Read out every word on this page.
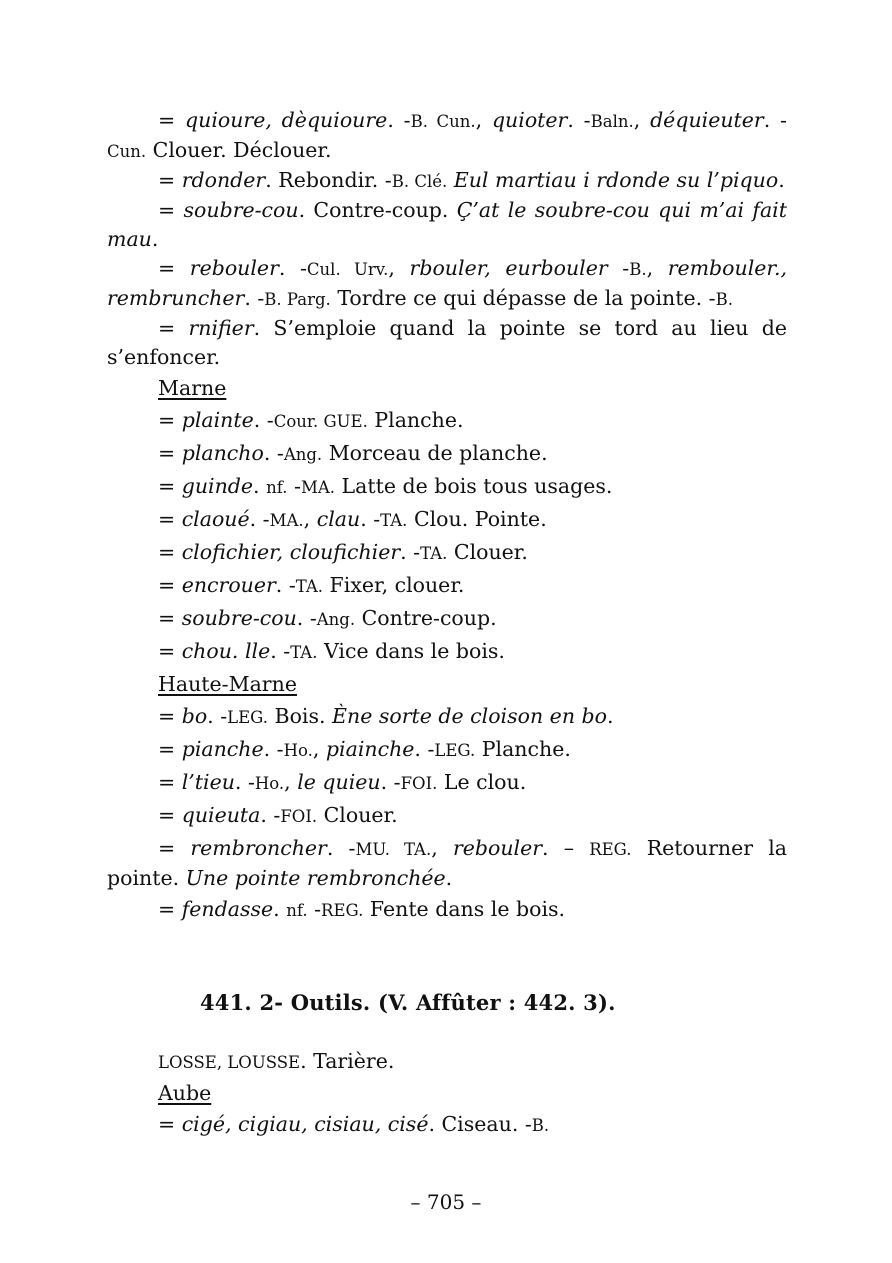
= quioure, dèquioure. -B. Cun., quioter. -Baln., déquieuter. -Cun. Clouer. Déclouer.

= rdonder. Rebondir. -B. Clé. Eul martiau i rdonde su l’piquo.

= soubre-cou. Contre-coup. Ç’at le soubre-cou qui m’ai fait mau.

= rebouler. -Cul. Urv., rbouler, eurbouler -B., rembouler., rembruncher. -B. Parg. Tordre ce qui dépasse de la pointe. -B.

= rnifier. S’emploie quand la pointe se tord au lieu de s’enfoncer.

Marne

= plainte. -Cour. GUE. Planche.

= plancho. -Ang. Morceau de planche.

= guinde. nf. -MA. Latte de bois tous usages.

= claoué. -MA., clau. -TA. Clou. Pointe.

= clofichier, cloufichier. -TA. Clouer.

= encrouer. -TA. Fixer, clouer.

= soubre-cou. -Ang. Contre-coup.

= chou. lle. -TA. Vice dans le bois.

Haute-Marne

= bo. -LEG. Bois. Ène sorte de cloison en bo.

= pianche. -Ho., piainche. -LEG. Planche.

= l’tieu. -Ho., le quieu. -FOI. Le clou.

= quieuta. -FOI. Clouer.

= rembroncher. -MU. TA., rebouler. – REG. Retourner la pointe. Une pointe rembronchée.

= fendasse. nf. -REG. Fente dans le bois.

441. 2- Outils. (V. Affûter : 442. 3).
LOSSE, LOUSSE. Tarière.
Aube
= cigé, cigiau, cisiau, cisé. Ciseau. -B.
– 705 –
